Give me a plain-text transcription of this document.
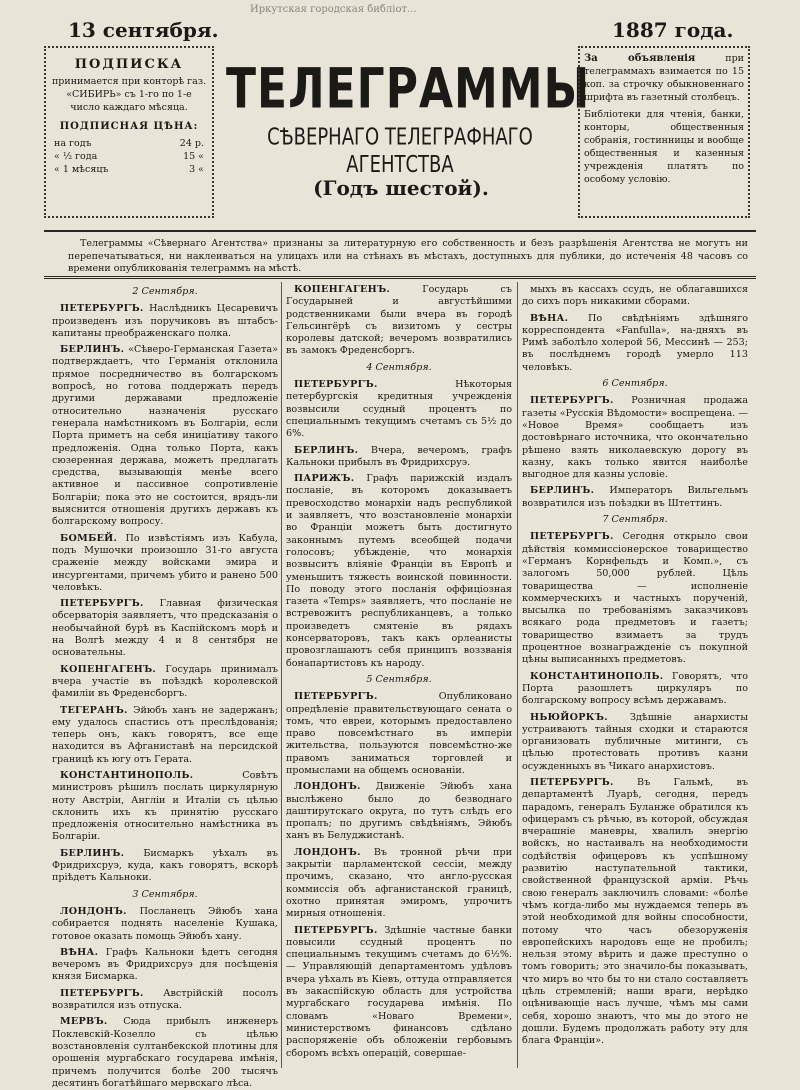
Иркутская городская библiот...
13 сентября.	1887 года.
ПОДПИСКА
принимается при конторѣ газ. «СИБИРЬ» съ 1-го по 1-е число каждаго мѣсяца.
ПОДПИСНАЯ ЦѢНА:
на годъ	24 р.
« ½ года	15 «
« 1 мѣсяцъ	3 «
ТЕЛЕГРАММЫ
СѢВЕРНАГО ТЕЛЕГРАФНАГО АГЕНТСТВА
(Годъ шестой).

За объявленія	при телеграммахъ взимается по 15 коп. за строчку обыкновеннаго шрифта въ газетный столбецъ.

Библiотеки для чтенія, банки, конторы, общественныя собранія, гостинницы и вообще общественныя и казенныя учрежденія платятъ по особому условію.

Телеграммы «Сѣвернаго Агентства» признаны за литературную его собственность и безъ разрѣшенія Агентства не могутъ ни перепечатываться, ни наклеиваться на улицахъ или на стѣнахъ въ мѣстахъ, доступныхъ для публики, до истеченія 48 часовъ со времени опубликованія телеграммъ на мѣстѣ.
2 Сентября.

ПЕТЕРБУРГЪ. Наслѣдникъ Цесаревичъ произведенъ изъ поручиковъ въ штабсъ-капитаны преображенскаго полка.

БЕРЛИНЪ. «Сѣверо-Германская Газета» подтверждаетъ, что Германія отклонила прямое посредничество въ болгарскомъ вопросѣ, но готова поддержать передъ другими державами предложеніе относительно назначенія русскаго генерала намѣстникомъ въ Болгаріи, если Порта приметъ на себя иниціативу такого предложенія. Одна только Порта, какъ сюзеренная держава, можетъ предлагать средства, вызывающія менѣе всего активное и пассивное сопротивленіе Болгаріи; пока это не состоится, врядъ-ли выяснится отношенія другихъ державъ къ болгарскому вопросу.

БОМБЕЙ. По извѣстіямъ изъ Кабула, подъ Мушочки произошло 31-го августа сраженіе между войсками эмира и инсургентами, причемъ убито и ранено 500 человѣкъ.

ПЕТЕРБУРГЪ. Главная физическая обсерваторія заявляетъ, что предсказанія о необычайной бурѣ въ Каспійскомъ морѣ и на Волгѣ между 4 и 8 сентября не основательны.

КОПЕНГАГЕНЪ. Государь принималъ вчера участіе въ поѣздкѣ королевской фамиліи въ Фреденсборгъ.

ТЕГЕРАНЪ. Эйюбъ ханъ не задержанъ; ему удалось спастись отъ преслѣдованія; теперь онъ, какъ говорятъ, все еще находится въ Афганистанѣ на персидской границѣ къ югу отъ Герата.

КОНСТАНТИНОПОЛЬ.	Совѣтъ министровъ рѣшилъ послать циркулярную ноту Австріи, Англіи и Италіи съ цѣлью склонить ихъ къ принятію русскаго предложенія относительно намѣстника въ Болгаріи.

БЕРЛИНЪ. Бисмаркъ уѣхалъ въ Фридрихсруэ, куда, какъ говорятъ, вскорѣ пріѣдетъ Кальноки.

3 Сентября.

ЛОНДОНЪ. Посланецъ Эйюбъ хана собирается поднять населеніе Кушака, готовое оказать помощь Эйюбъ хану.

ВѢНА. Графъ Кальноки ѣдетъ сегодня вечеромъ въ Фридрихсруэ для посѣщенія князя Бисмарка.

ПЕТЕРБУРГЪ. Австрійскій посолъ возвратился изъ отпуска.

МЕРВЪ. Сюда прибылъ инженеръ Поклевскій-Козелло съ цѣлью возстановленія султанбекской плотины для орошенія мургабскаго государева имѣнія, причемъ получится болѣе 200 тысячъ десятинъ богатѣйшаго мервскаго лѣса.

КОПЕНГАГЕНЪ.	Государь съ Государыней и августѣйшими родственниками были вчера въ городѣ Гельсингёрѣ съ визитомъ у сестры королевы датской; вечеромъ возвратились въ замокъ Фреденсборгъ.

4 Сентября.

ПЕТЕРБУРГЪ.	Нѣкоторыя петербургскія кредитныя учрежденія возвысили ссудный процентъ по специальнымъ текущимъ счетамъ съ 5½ до 6%.

БЕРЛИНЪ. Вчера, вечеромъ, графъ Кальноки прибылъ въ Фридрихсруэ.

ПАРИЖЪ. Графъ парижскій издалъ посланіе, въ которомъ доказываетъ превосходство монархіи надъ республикой и заявляетъ, что возстановленіе монархіи во Франціи можетъ быть достигнуто законнымъ путемъ всеобщей подачи голосовъ; убѣжденіе, что монархія возвыситъ вліяніе Франціи въ Европѣ и уменьшитъ тяжесть воинской повинности. По поводу этого посланія оффиціозная газета «Temps» заявляетъ, что посланіе не встревожитъ республиканцевъ, а только произведетъ смятеніе въ рядахъ консерваторовъ, такъ какъ орлеанисты провозглашаютъ себя принципъ воззванія бонапартистовъ къ народу.

5 Сентября.

ПЕТЕРБУРГЪ.	Опубликовано опредѣленіе правительствующаго сената о томъ, что евреи, которымъ предоставлено право повсемѣстнаго въ имперіи жительства, пользуются повсемѣстно-же правомъ заниматься торговлей и промыслами на общемъ основаніи.

ЛОНДОНЪ. Движеніе Эйюбъ хана выслѣжено было до безводнаго даштирутскаго округа, по тутъ слѣдъ его пропалъ; по другимъ свѣдѣніямъ, Эйюбъ ханъ въ Белуджистанѣ.

ЛОНДОНЪ. Въ тронной рѣчи при закрытіи парламентской сессіи, между прочимъ, сказано, что англо-русская коммиссія объ афганистанской границѣ, охотно принятая эмиромъ, упрочитъ мирныя отношенія.

ПЕТЕРБУРГЪ. Здѣшніе частные банки повысили ссудный процентъ по специальнымъ текущимъ счетамъ до 6½%. — Управляющій департаментомъ удѣловъ вчера уѣхалъ въ Кіевъ, оттуда отправляется въ закаспійскую область для устройства мургабскаго государева имѣнія. По словамъ «Новаго Времени», министерствомъ финансовъ сдѣлано распоряженіе объ обложеніи гербовымъ сборомъ всѣхъ операцій, совершае-

мыхъ въ кассахъ ссудъ, не облагавшихся до сихъ поръ никакими сборами.

ВѢНА. По свѣдѣніямъ здѣшняго корреспондента «Fanfulla», на-дняхъ въ Римѣ заболѣло холерой 56, Мессинѣ — 253; въ послѣднемъ городѣ умерло 113 человѣкъ.

6 Сентября.

ПЕТЕРБУРГЪ. Розничная продажа газеты «Русскія Вѣдомости» воспрещена. — «Новое Время» сообщаетъ изъ достовѣрнаго источника, что окончательно рѣшено взять николаевскую дорогу въ казну, какъ только явится наиболѣе выгодное для казны условіе.

БЕРЛИНЪ. Императоръ Вильгельмъ возвратился изъ поѣздки въ Штеттинъ.

7 Сентября.

ПЕТЕРБУРГЪ. Сегодня открыло свои дѣйствія коммиссіонерское товарищество «Германъ Корнфельдъ и Комп.», съ залогомъ 50,000 рублей. Цѣль товарищества — исполненіе коммерческихъ и частныхъ порученій, высылка по требованіямъ заказчиковъ всякаго рода предметовъ и газетъ; товарищество взимаетъ за трудъ процентное вознагражденіе съ покупной цѣны выписанныхъ предметовъ.

КОНСТАНТИНОПОЛЬ. Говорятъ, что Порта разошлетъ циркуляръ по болгарскому вопросу всѣмъ державамъ.

НЬЮЙОРКЪ. Здѣшніе анархисты устраиваютъ тайныя сходки и стараются организовать публичные митинги, съ цѣлью протестовать противъ казни осужденныхъ въ Чикаго анархистовъ.

ПЕТЕРБУРГЪ. Въ Гальмѣ, въ департаментѣ Луарѣ, сегодня, передъ парадомъ, генералъ Буланже обратился къ офицерамъ съ рѣчью, въ которой, обсуждая вчерашніе маневры, хвалилъ энергію войскъ, но настаивалъ на необходимости содѣйствія офицеровъ къ успѣшному развитію наступательной тактики, свойственной французской арміи. Рѣчь свою генералъ заключилъ словами: «болѣе чѣмъ когда-либо мы нуждаемся теперь въ этой необходимой для войны способности, потому что часъ обезоруженія европейскихъ народовъ еще не пробилъ; нельзя этому вѣрить и даже преступно о томъ говорить; это значило-бы показывать, что миръ во что бы то ни стало составляетъ цѣль стремленій; наши враги, нерѣдко оцѣнивающіе насъ лучше, чѣмъ мы сами себя, хорошо знаютъ, что мы до этого не дошли. Будемъ продолжать работу эту для блага Франціи».
